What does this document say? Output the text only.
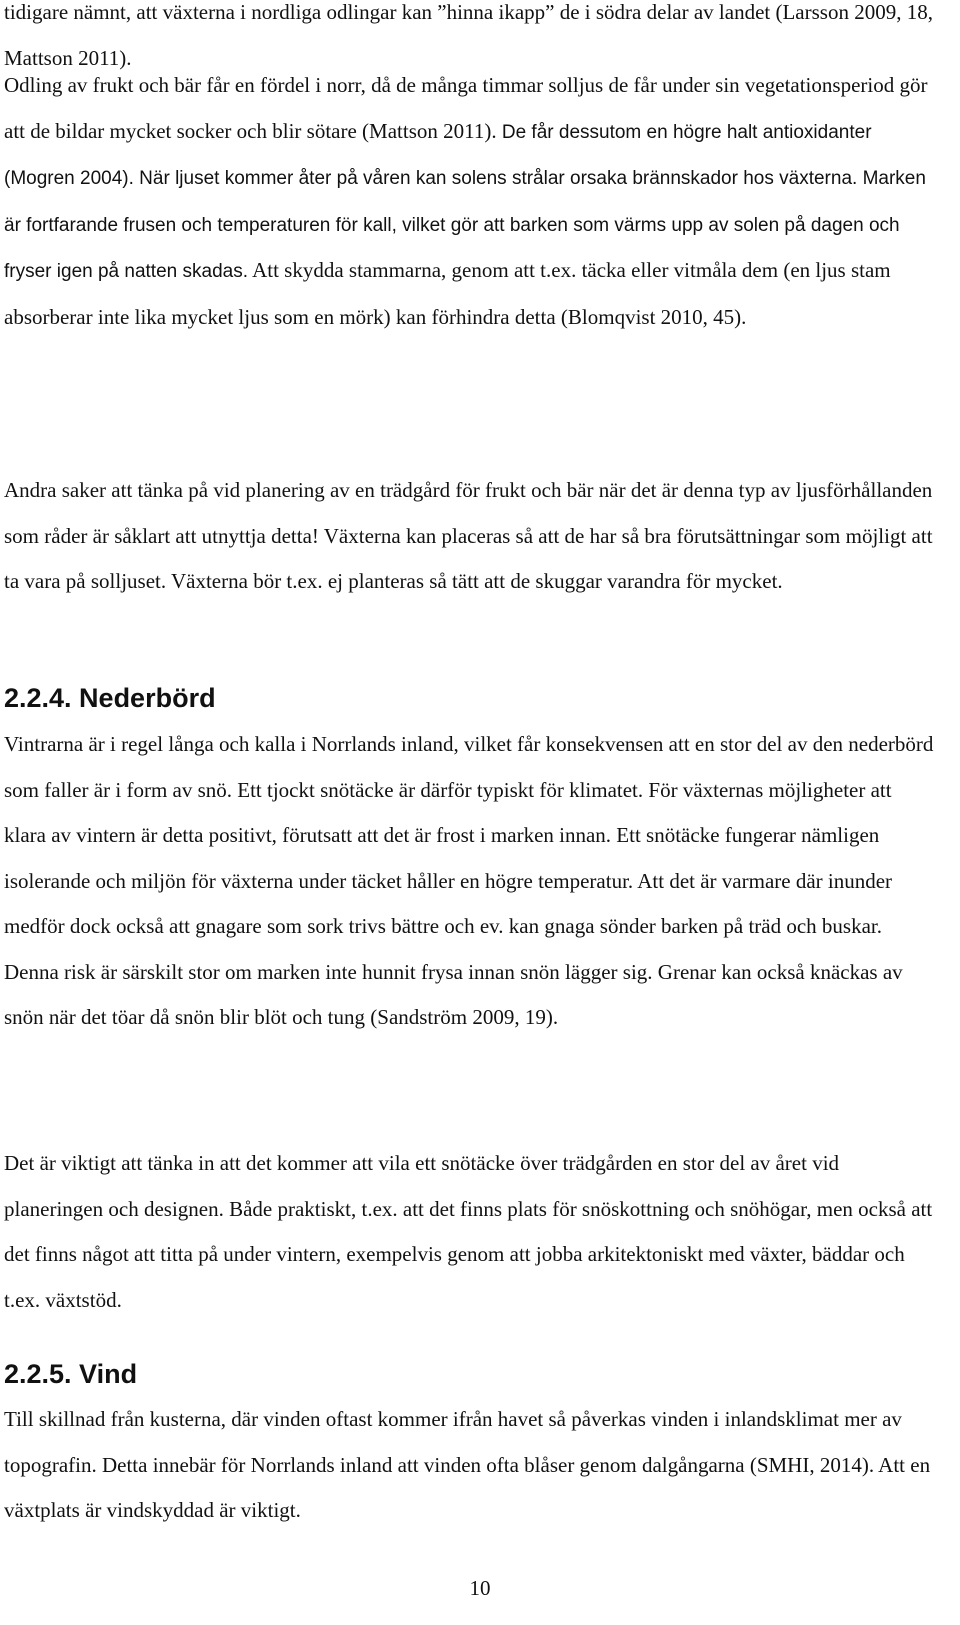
tidigare nämnt, att växterna i nordliga odlingar kan ”hinna ikapp” de i södra delar av landet (Larsson 2009, 18, Mattson 2011).

Odling av frukt och bär får en fördel i norr, då de många timmar solljus de får under sin vegetationsperiod gör att de bildar mycket socker och blir sötare (Mattson 2011). De får dessutom en högre halt antioxidanter (Mogren 2004). När ljuset kommer åter på våren kan solens strålar orsaka brännskador hos växterna. Marken är fortfarande frusen och temperaturen för kall, vilket gör att barken som värms upp av solen på dagen och fryser igen på natten skadas. Att skydda stammarna, genom att t.ex. täcka eller vitmåla dem (en ljus stam absorberar inte lika mycket ljus som en mörk) kan förhindra detta (Blomqvist 2010, 45).

Andra saker att tänka på vid planering av en trädgård för frukt och bär när det är denna typ av ljusförhållanden som råder är såklart att utnyttja detta! Växterna kan placeras så att de har så bra förutsättningar som möjligt att ta vara på solljuset. Växterna bör t.ex. ej planteras så tätt att de skuggar varandra för mycket.

2.2.4. Nederbörd

Vintrarna är i regel långa och kalla i Norrlands inland, vilket får konsekvensen att en stor del av den nederbörd som faller är i form av snö. Ett tjockt snötäcke är därför typiskt för klimatet. För växternas möjligheter att klara av vintern är detta positivt, förutsatt att det är frost i marken innan. Ett snötäcke fungerar nämligen isolerande och miljön för växterna under täcket håller en högre temperatur. Att det är varmare där inunder medför dock också att gnagare som sork trivs bättre och ev. kan gnaga sönder barken på träd och buskar. Denna risk är särskilt stor om marken inte hunnit frysa innan snön lägger sig. Grenar kan också knäckas av snön när det töar då snön blir blöt och tung (Sandström 2009, 19).

Det är viktigt att tänka in att det kommer att vila ett snötäcke över trädgården en stor del av året vid planeringen och designen. Både praktiskt, t.ex. att det finns plats för snöskottning och snöhögar, men också att det finns något att titta på under vintern, exempelvis genom att jobba arkitektoniskt med växter, bäddar och t.ex. växtstöd.

2.2.5. Vind

Till skillnad från kusterna, där vinden oftast kommer ifrån havet så påverkas vinden i inlandsklimat mer av topografin. Detta innebär för Norrlands inland att vinden ofta blåser genom dalgångarna (SMHI, 2014). Att en växtplats är vindskyddad är viktigt.

10
